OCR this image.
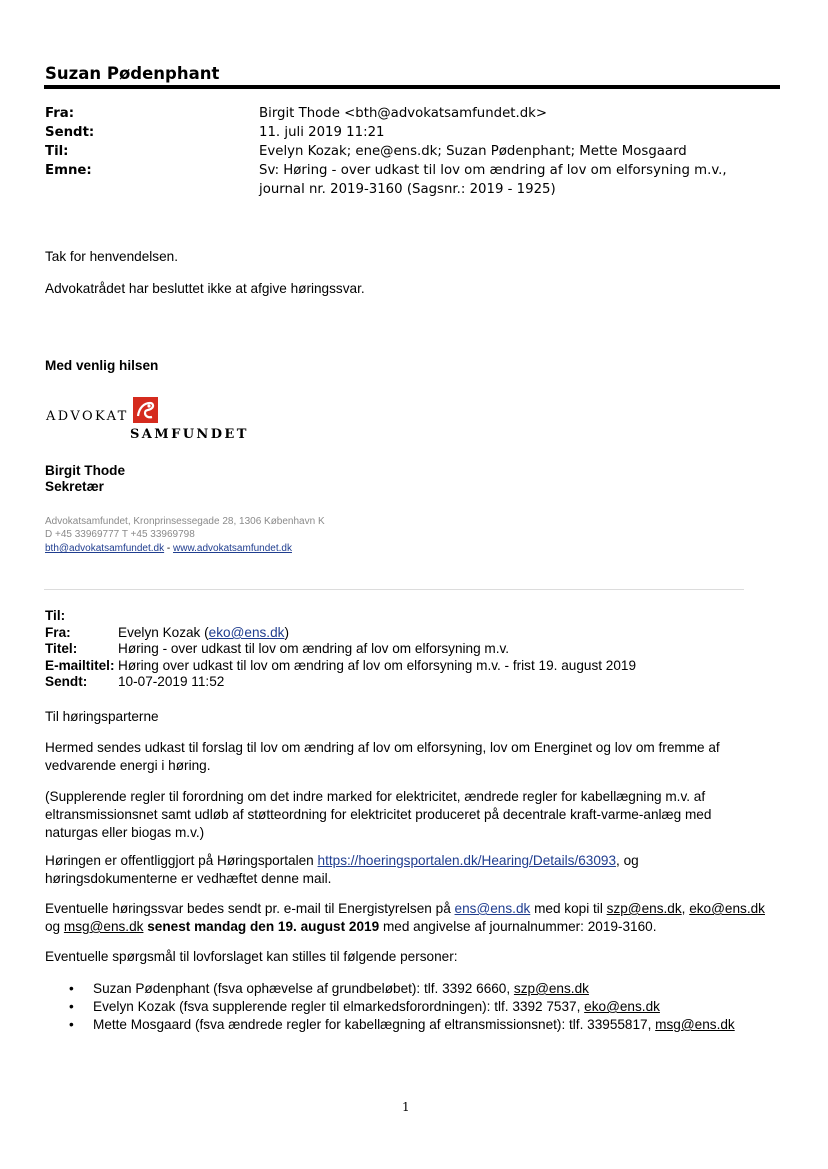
Suzan Pødenphant
Fra:	Birgit Thode <bth@advokatsamfundet.dk>
Sendt:	11. juli 2019 11:21
Til:	Evelyn Kozak; ene@ens.dk; Suzan Pødenphant; Mette Mosgaard
Emne:	Sv: Høring - over udkast til lov om ændring af lov om elforsyning m.v., journal nr. 2019-3160 (Sagsnr.: 2019 - 1925)
Tak for henvendelsen.
Advokatrådet har besluttet ikke at afgive høringssvar.
Med venlig hilsen
ADVOKAT
SAMFUNDET
Birgit Thode
Sekretær
Advokatsamfundet, Kronprinsessegade 28, 1306 København K
D +45 33969777 T +45 33969798
bth@advokatsamfundet.dk - www.advokatsamfundet.dk
Til:
Fra:	Evelyn Kozak (eko@ens.dk)
Titel:	Høring - over udkast til lov om ændring af lov om elforsyning m.v.
E-mailtitel: Høring over udkast til lov om ændring af lov om elforsyning m.v. - frist 19. august 2019
Sendt: 10-07-2019 11:52
Til høringsparterne
Hermed sendes udkast til forslag til lov om ændring af lov om elforsyning, lov om Energinet og lov om fremme af vedvarende energi i høring.
(Supplerende regler til forordning om det indre marked for elektricitet, ændrede regler for kabellægning m.v. af eltransmissionsnet samt udløb af støtteordning for elektricitet produceret på decentrale kraft-varme-anlæg med naturgas eller biogas m.v.)
Høringen er offentliggjort på Høringsportalen https://hoeringsportalen.dk/Hearing/Details/63093, og høringsdokumenterne er vedhæftet denne mail.
Eventuelle høringssvar bedes sendt pr. e-mail til Energistyrelsen på ens@ens.dk med kopi til szp@ens.dk, eko@ens.dk og msg@ens.dk senest mandag den 19. august 2019 med angivelse af journalnummer: 2019-3160.
Eventuelle spørgsmål til lovforslaget kan stilles til følgende personer:
• Suzan Pødenphant (fsva ophævelse af grundbeløbet): tlf. 3392 6660, szp@ens.dk
• Evelyn Kozak (fsva supplerende regler til elmarkedsforordningen): tlf. 3392 7537, eko@ens.dk
• Mette Mosgaard (fsva ændrede regler for kabellægning af eltransmissionsnet): tlf. 33955817, msg@ens.dk
1
